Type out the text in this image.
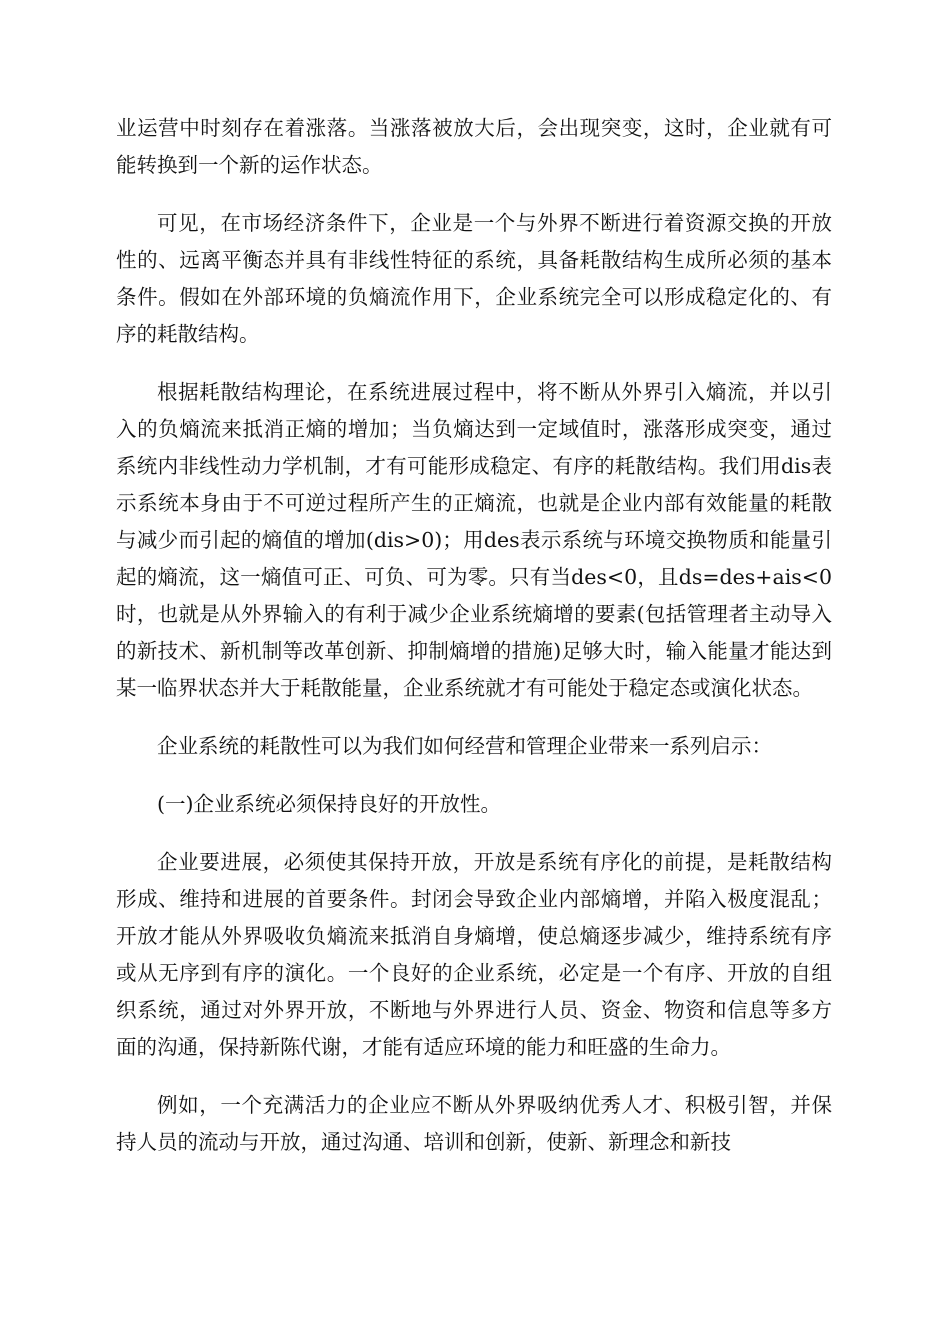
业运营中时刻存在着涨落。当涨落被放大后，会出现突变，这时，企业就有可能转换到一个新的运作状态。

可见，在市场经济条件下，企业是一个与外界不断进行着资源交换的开放性的、远离平衡态并具有非线性特征的系统，具备耗散结构生成所必须的基本条件。假如在外部环境的负熵流作用下，企业系统完全可以形成稳定化的、有序的耗散结构。

根据耗散结构理论，在系统进展过程中，将不断从外界引入熵流，并以引入的负熵流来抵消正熵的增加；当负熵达到一定域值时，涨落形成突变，通过系统内非线性动力学机制，才有可能形成稳定、有序的耗散结构。我们用dis表示系统本身由于不可逆过程所产生的正熵流，也就是企业内部有效能量的耗散与减少而引起的熵值的增加(dis>0)；用des表示系统与环境交换物质和能量引起的熵流，这一熵值可正、可负、可为零。只有当des<0，且ds=des+ais<0时，也就是从外界输入的有利于减少企业系统熵增的要素(包括管理者主动导入的新技术、新机制等改革创新、抑制熵增的措施)足够大时，输入能量才能达到某一临界状态并大于耗散能量，企业系统就才有可能处于稳定态或演化状态。

企业系统的耗散性可以为我们如何经营和管理企业带来一系列启示：

(一)企业系统必须保持良好的开放性。

企业要进展，必须使其保持开放，开放是系统有序化的前提，是耗散结构形成、维持和进展的首要条件。封闭会导致企业内部熵增，并陷入极度混乱；开放才能从外界吸收负熵流来抵消自身熵增，使总熵逐步减少，维持系统有序或从无序到有序的演化。一个良好的企业系统，必定是一个有序、开放的自组织系统，通过对外界开放，不断地与外界进行人员、资金、物资和信息等多方面的沟通，保持新陈代谢，才能有适应环境的能力和旺盛的生命力。

例如，一个充满活力的企业应不断从外界吸纳优秀人才、积极引智，并保持人员的流动与开放，通过沟通、培训和创新，使新、新理念和新技
